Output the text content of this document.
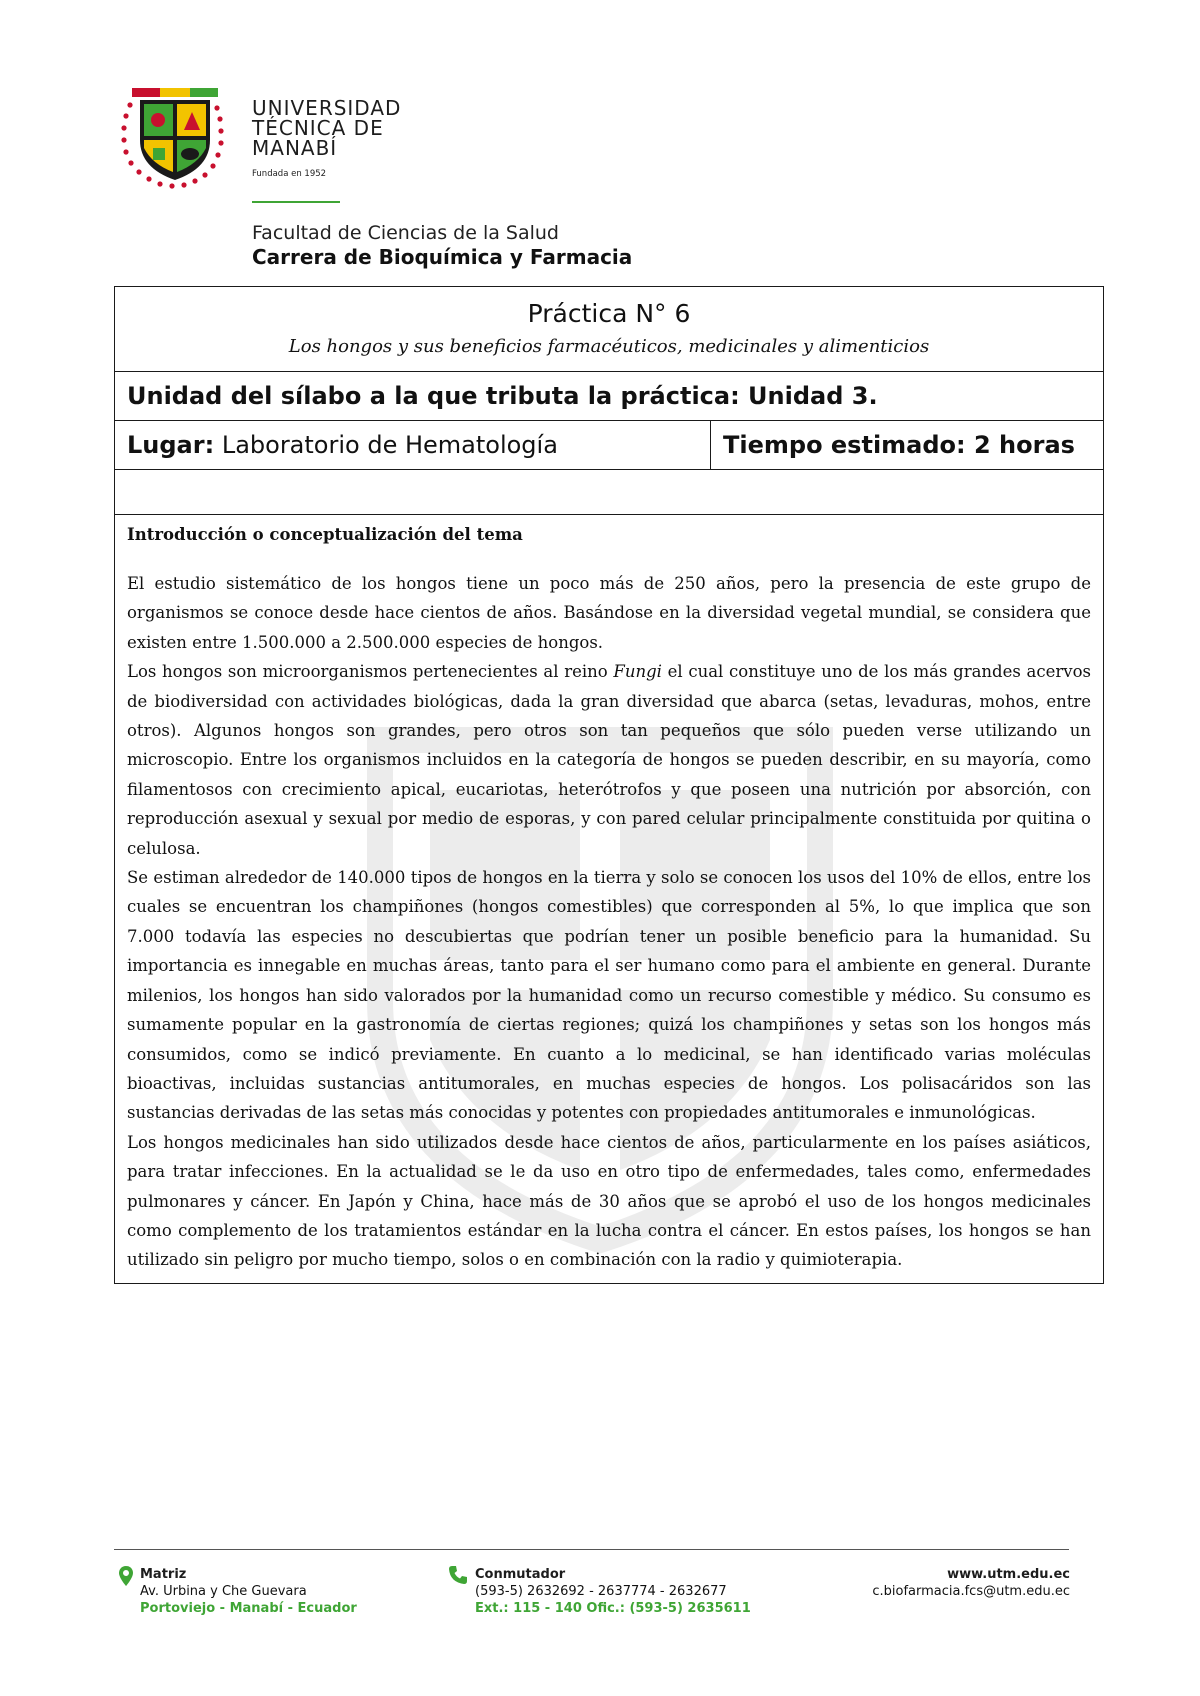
UNIVERSIDAD
TÉCNICA DE
MANABÍ
Fundada en 1952
Facultad de Ciencias de la Salud
Carrera de Bioquímica y Farmacia
Práctica N° 6
Los hongos y sus beneficios farmacéuticos, medicinales y alimenticios

Unidad del sílabo a la que tributa la práctica: Unidad 3.
Lugar: Laboratorio de Hematología	Tiempo estimado: 2 horas

Introducción o conceptualización del tema

El estudio sistemático de los hongos tiene un poco más de 250 años, pero la presencia de este grupo de organismos se conoce desde hace cientos de años. Basándose en la diversidad vegetal mundial, se considera que existen entre 1.500.000 a 2.500.000 especies de hongos.

Los hongos son microorganismos pertenecientes al reino Fungi el cual constituye uno de los más grandes acervos de biodiversidad con actividades biológicas, dada la gran diversidad que abarca (setas, levaduras, mohos, entre otros). Algunos hongos son grandes, pero otros son tan pequeños que sólo pueden verse utilizando un microscopio. Entre los organismos incluidos en la categoría de hongos se pueden describir, en su mayoría, como filamentosos con crecimiento apical, eucariotas, heterótrofos y que poseen una nutrición por absorción, con reproducción asexual y sexual por medio de esporas, y con pared celular principalmente constituida por quitina o celulosa.

Se estiman alrededor de 140.000 tipos de hongos en la tierra y solo se conocen los usos del 10% de ellos, entre los cuales se encuentran los champiñones (hongos comestibles) que corresponden al 5%, lo que implica que son 7.000 todavía las especies no descubiertas que podrían tener un posible beneficio para la humanidad. Su importancia es innegable en muchas áreas, tanto para el ser humano como para el ambiente en general. Durante milenios, los hongos han sido valorados por la humanidad como un recurso comestible y médico. Su consumo es sumamente popular en la gastronomía de ciertas regiones; quizá los champiñones y setas son los hongos más consumidos, como se indicó previamente. En cuanto a lo medicinal, se han identificado varias moléculas bioactivas, incluidas sustancias antitumorales, en muchas especies de hongos. Los polisacáridos son las sustancias derivadas de las setas más conocidas y potentes con propiedades antitumorales e inmunológicas.

Los hongos medicinales han sido utilizados desde hace cientos de años, particularmente en los países asiáticos, para tratar infecciones. En la actualidad se le da uso en otro tipo de enfermedades, tales como, enfermedades pulmonares y cáncer. En Japón y China, hace más de 30 años que se aprobó el uso de los hongos medicinales como complemento de los tratamientos estándar en la lucha contra el cáncer. En estos países, los hongos se han utilizado sin peligro por mucho tiempo, solos o en combinación con la radio y quimioterapia.

Matriz
Av. Urbina y Che Guevara
Portoviejo - Manabí - Ecuador
Conmutador
(593-5) 2632692 - 2637774 - 2632677
Ext.: 115 - 140 Ofic.: (593-5) 2635611
www.utm.edu.ec
c.biofarmacia.fcs@utm.edu.ec
